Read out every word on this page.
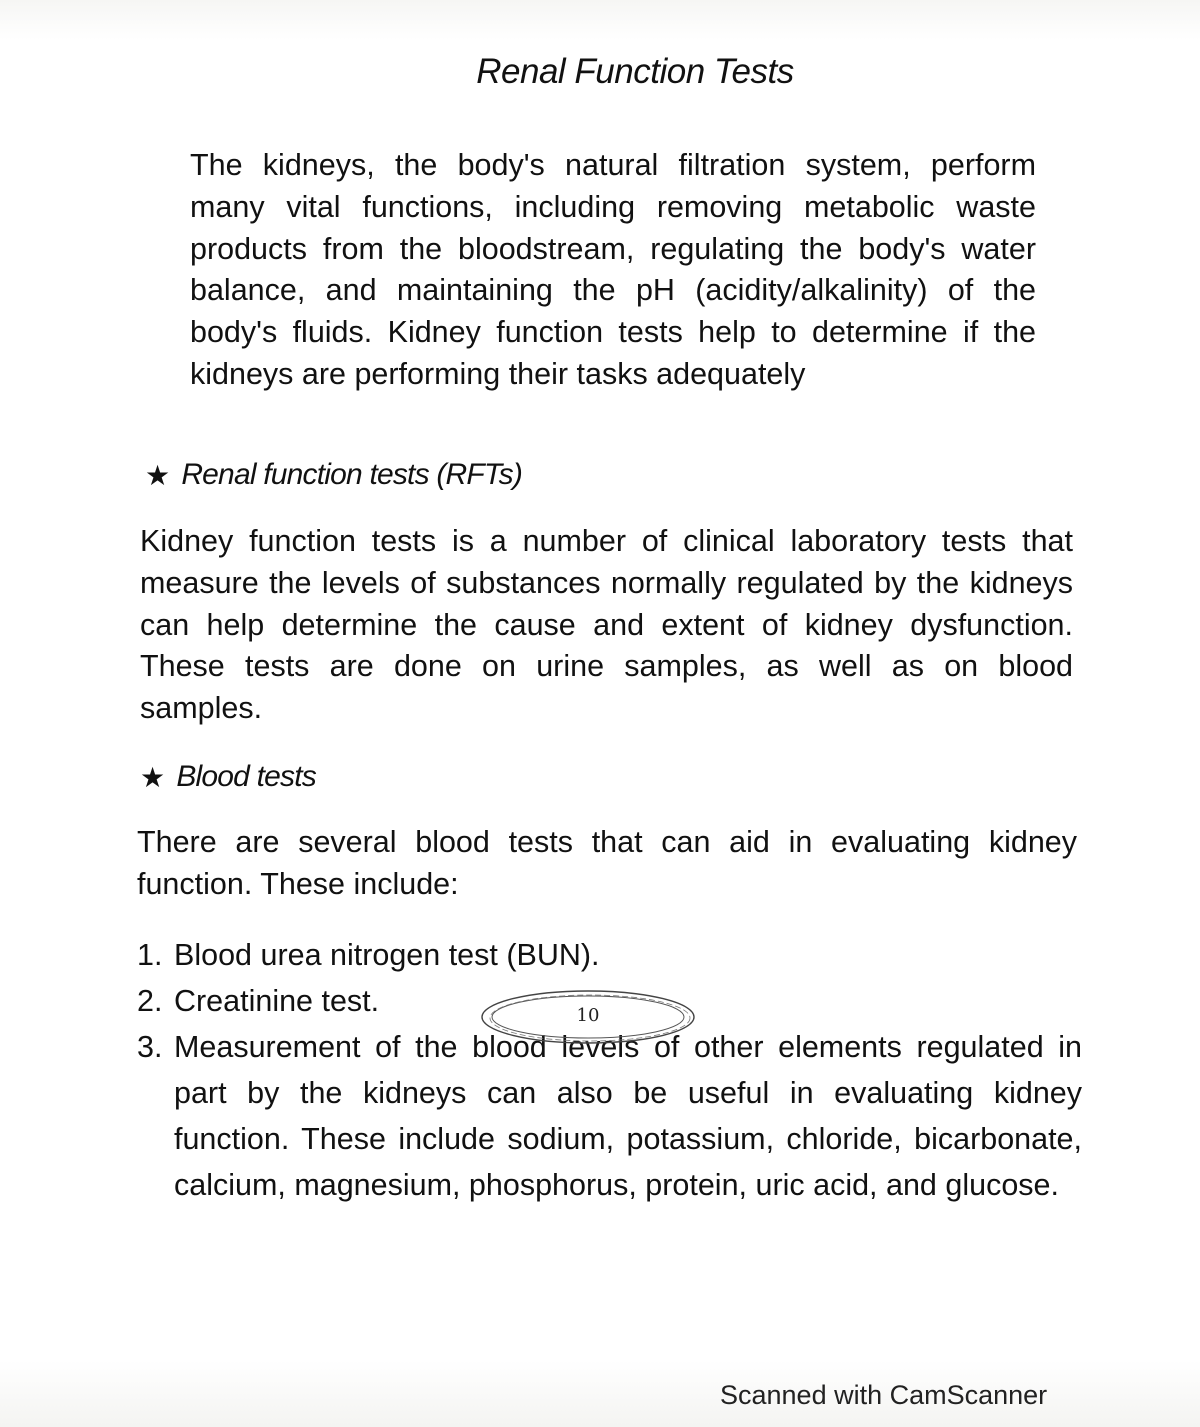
Renal Function Tests

The kidneys, the body's natural filtration system, perform many vital functions, including removing metabolic waste products from the bloodstream, regulating the body's water balance, and maintaining the pH (acidity/alkalinity) of the body's fluids. Kidney function tests help to determine if the kidneys are performing their tasks adequately

★ Renal function tests (RFTs)

Kidney function tests is a number of clinical laboratory tests that measure the levels of substances normally regulated by the kidneys can help determine the cause and extent of kidney dysfunction. These tests are done on urine samples, as well as on blood samples.

★ Blood tests

There are several blood tests that can aid in evaluating kidney function. These include:

1. Blood urea nitrogen test (BUN).
2. Creatinine test.
3. Measurement of the blood levels of other elements regulated in part by the kidneys can also be useful in evaluating kidney function. These include sodium, potassium, chloride, bicarbonate, calcium, magnesium, phosphorus, protein, uric acid, and glucose.
10
Scanned with CamScanner
